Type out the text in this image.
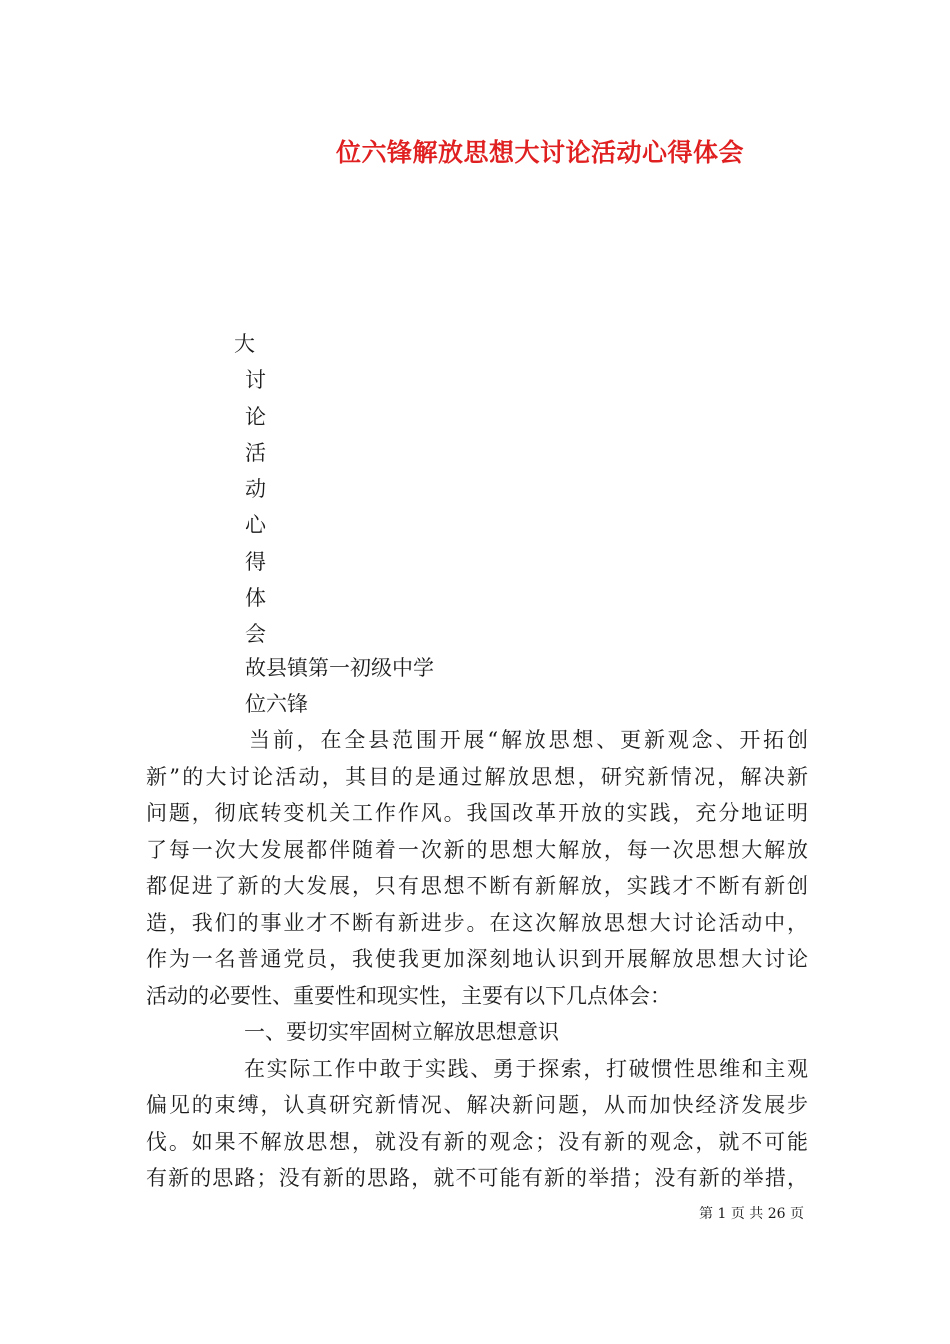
位六锋解放思想大讨论活动心得体会
大
讨
论
活
动
心
得
体
会
故县镇第一初级中学
位六锋
当前，在全县范围开展“解放思想、更新观念、开拓创
新”的大讨论活动，其目的是通过解放思想，研究新情况，解决新
问题，彻底转变机关工作作风。我国改革开放的实践，充分地证明
了每一次大发展都伴随着一次新的思想大解放，每一次思想大解放
都促进了新的大发展，只有思想不断有新解放，实践才不断有新创
造，我们的事业才不断有新进步。在这次解放思想大讨论活动中，
作为一名普通党员，我使我更加深刻地认识到开展解放思想大讨论
活动的必要性、重要性和现实性，主要有以下几点体会：
一、要切实牢固树立解放思想意识
在实际工作中敢于实践、勇于探索，打破惯性思维和主观
偏见的束缚，认真研究新情况、解决新问题，从而加快经济发展步
伐。如果不解放思想，就没有新的观念；没有新的观念，就不可能
有新的思路；没有新的思路，就不可能有新的举措；没有新的举措，
第 1 页 共 26 页
